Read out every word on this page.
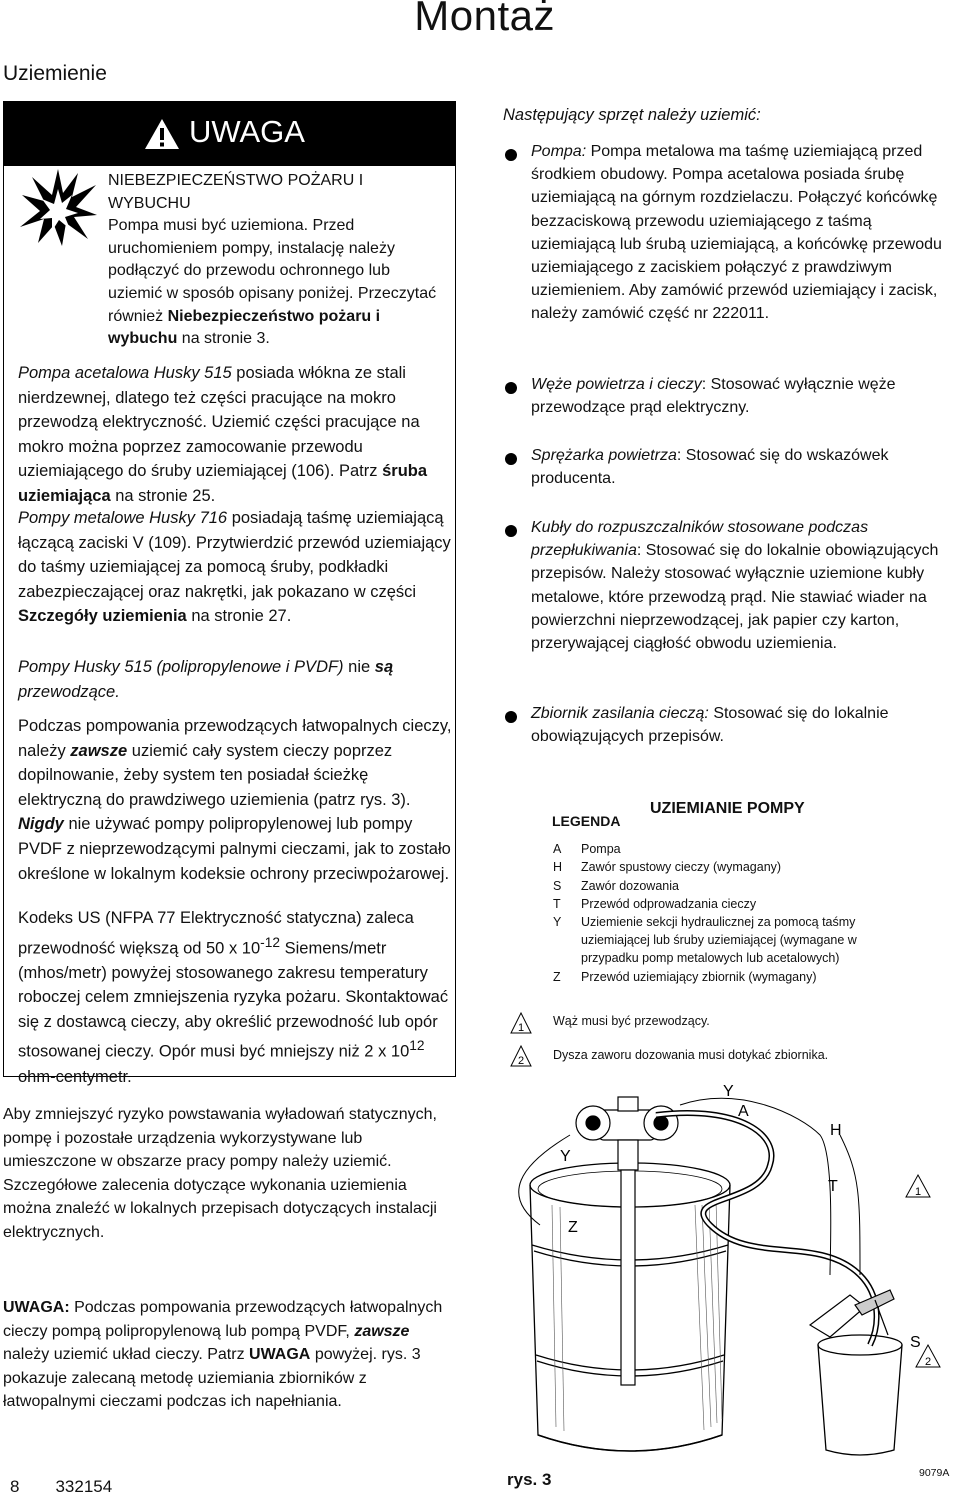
Montaż
Uziemienie
UWAGA

NIEBEZPIECZEŃSTWO POŻARU I WYBUCHU

Pompa musi być uziemiona. Przed uruchomieniem pompy, instalację należy podłączyć do przewodu ochronnego lub uziemić w sposób opisany poniżej. Przeczytać również Niebezpieczeństwo pożaru i wybuchu na stronie 3.

Pompa acetalowa Husky 515 posiada włókna ze stali nierdzewnej, dlatego też części pracujące na mokro przewodzą elektryczność. Uziemić części pracujące na mokro można poprzez zamocowanie przewodu uziemiającego do śruby uziemiającej (106). Patrz śruba uziemiająca na stronie 25.

Pompy metalowe Husky 716 posiadają taśmę uziemiającą łączącą zaciski V (109). Przytwierdzić przewód uziemiający do taśmy uziemiającej za pomocą śruby, podkładki zabezpieczającej oraz nakrętki, jak pokazano w części Szczegóły uziemienia na stronie 27.

Pompy Husky 515 (polipropylenowe i PVDF) nie są przewodzące.

Podczas pompowania przewodzących łatwopalnych cieczy, należy zawsze uziemić cały system cieczy poprzez dopilnowanie, żeby system ten posiadał ścieżkę elektryczną do prawdziwego uziemienia (patrz rys. 3). Nigdy nie używać pompy polipropylenowej lub pompy PVDF z nieprzewodzącymi palnymi cieczami, jak to zostało określone w lokalnym kodeksie ochrony przeciwpożarowej.

Kodeks US (NFPA 77 Elektryczność statyczna) zaleca przewodność większą od 50 x $10^{-12}$ Siemens/metr (mhos/metr) powyżej stosowanego zakresu temperatury roboczej celem zmniejszenia ryzyka pożaru. Skontaktować się z dostawcą cieczy, aby określić przewodność lub opór stosowanej cieczy. Opór musi być mniejszy niż 2 x $10^{12}$ ohm-centymetr.

Aby zmniejszyć ryzyko powstawania wyładowań statycznych, pompę i pozostałe urządzenia wykorzystywane lub umieszczone w obszarze pracy pompy należy uziemić. Szczegółowe zalecenia dotyczące wykonania uziemienia można znaleźć w lokalnych przepisach dotyczących instalacji elektrycznych.

UWAGA: Podczas pompowania przewodzących łatwopalnych cieczy pompą polipropylenową lub pompą PVDF, zawsze należy uziemić układ cieczy. Patrz UWAGA powyżej. rys. 3 pokazuje zalecaną metodę uziemiania zbiorników z łatwopalnymi cieczami podczas ich napełniania.

8 332154
Następujący sprzęt należy uziemić:

Pompa: Pompa metalowa ma taśmę uziemiającą przed środkiem obudowy. Pompa acetalowa posiada śrubę uziemiającą na górnym rozdzielaczu. Połączyć końcówkę bezzaciskową przewodu uziemiającego z taśmą uziemiającą lub śrubą uziemiającą, a końcówkę przewodu uziemiającego z zaciskiem połączyć z prawdziwym uziemieniem. Aby zamówić przewód uziemiający i zacisk, należy zamówić część nr 222011.

Węże powietrza i cieczy: Stosować wyłącznie węże przewodzące prąd elektryczny.

Sprężarka powietrza: Stosować się do wskazówek producenta.

Kubły do rozpuszczalników stosowane podczas przepłukiwania: Stosować się do lokalnie obowiązujących przepisów. Należy stosować wyłącznie uziemione kubły metalowe, które przewodzą prąd. Nie stawiać wiader na powierzchni nieprzewodzącej, jak papier czy karton, przerywającej ciągłość obwodu uziemienia.

Zbiornik zasilania cieczą: Stosować się do lokalnie obowiązujących przepisów.

LEGENDA
UZIEMIANIE POMPY
A	Pompa
H	Zawór spustowy cieczy (wymagany)
S	Zawór dozowania
T	Przewód odprowadzania cieczy
Y	Uziemienie sekcji hydraulicznej za pomocą taśmy uziemiającej lub śruby uziemiającej (wymagane w przypadku pomp metalowych lub acetalowych)
Z	Przewód uziemiający zbiornik (wymagany)
1 Wąż musi być przewodzący.
2 Dysza zaworu dozowania musi dotykać zbiornika.
Y
A
H
Y
T
Z
S
1
2
rys. 3	9079A
